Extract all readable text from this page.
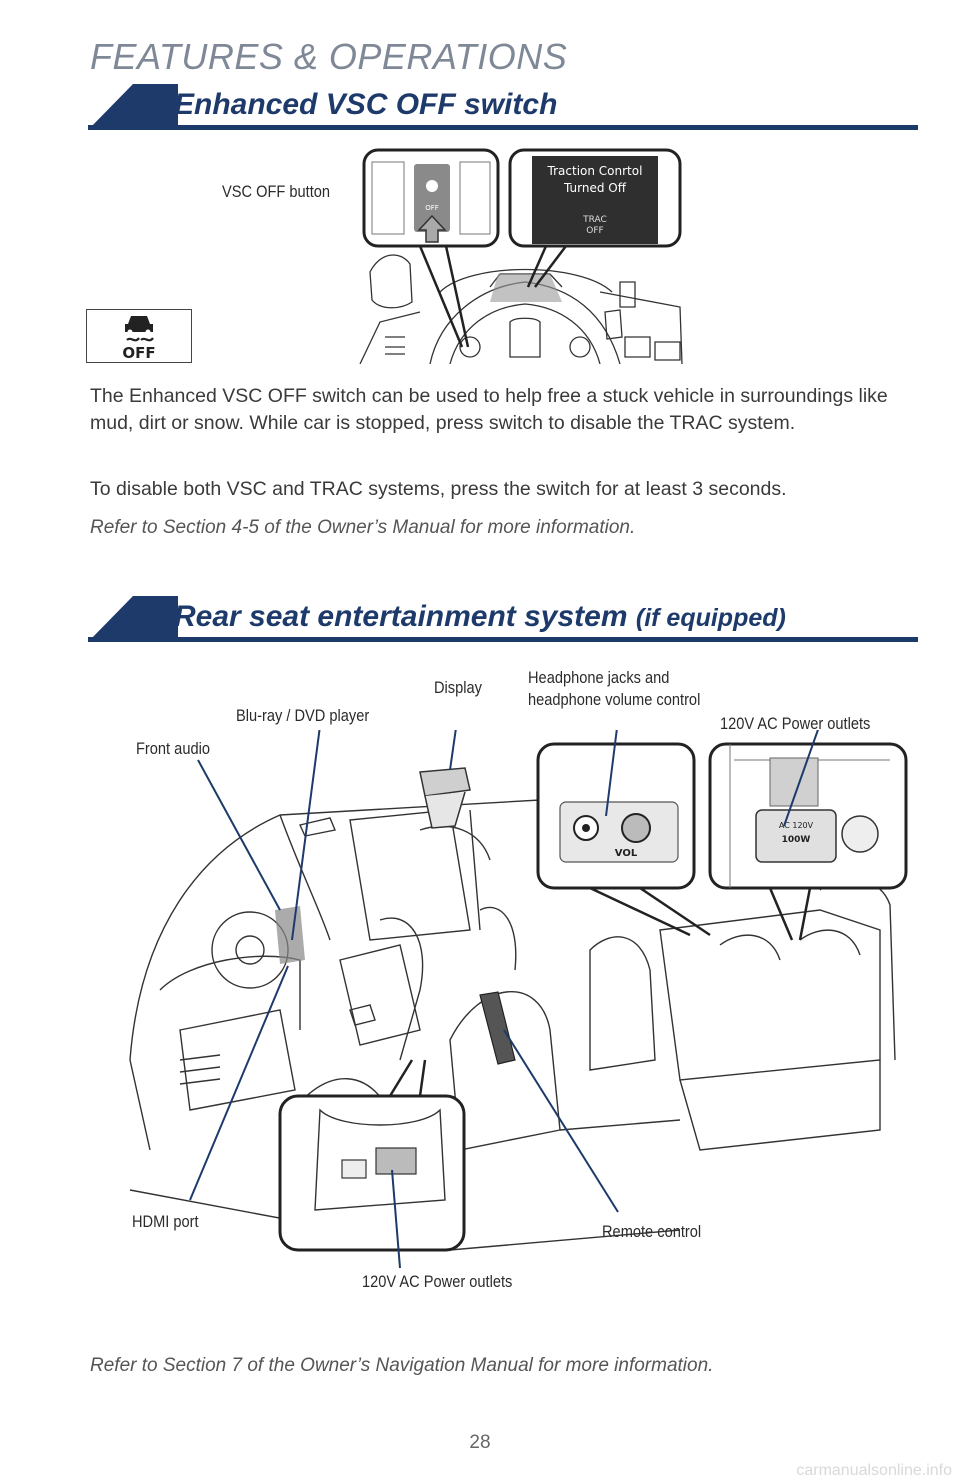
FEATURES & OPERATIONS
Enhanced VSC OFF switch
VSC OFF button
OFF
Traction Conrtol
Turned Off
TRAC
OFF
OFF
The Enhanced VSC OFF switch can be used to help free a stuck vehicle in surroundings like mud, dirt or snow. While car is stopped, press switch to disable the TRAC system.
To disable both VSC and TRAC systems, press the switch for at least 3 seconds.
Refer to Section 4-5 of the Owner’s Manual for more information.
Rear seat entertainment system (if equipped)
Display
Headphone jacks and
headphone volume control
Blu-ray / DVD player	120V AC Power outlets
Front audio
HDMI port
Remote control
120V AC Power outlets
VOL
AC 120V
100W
Refer to Section 7 of the Owner’s Navigation Manual for more information.
28
carmanualsonline.info
